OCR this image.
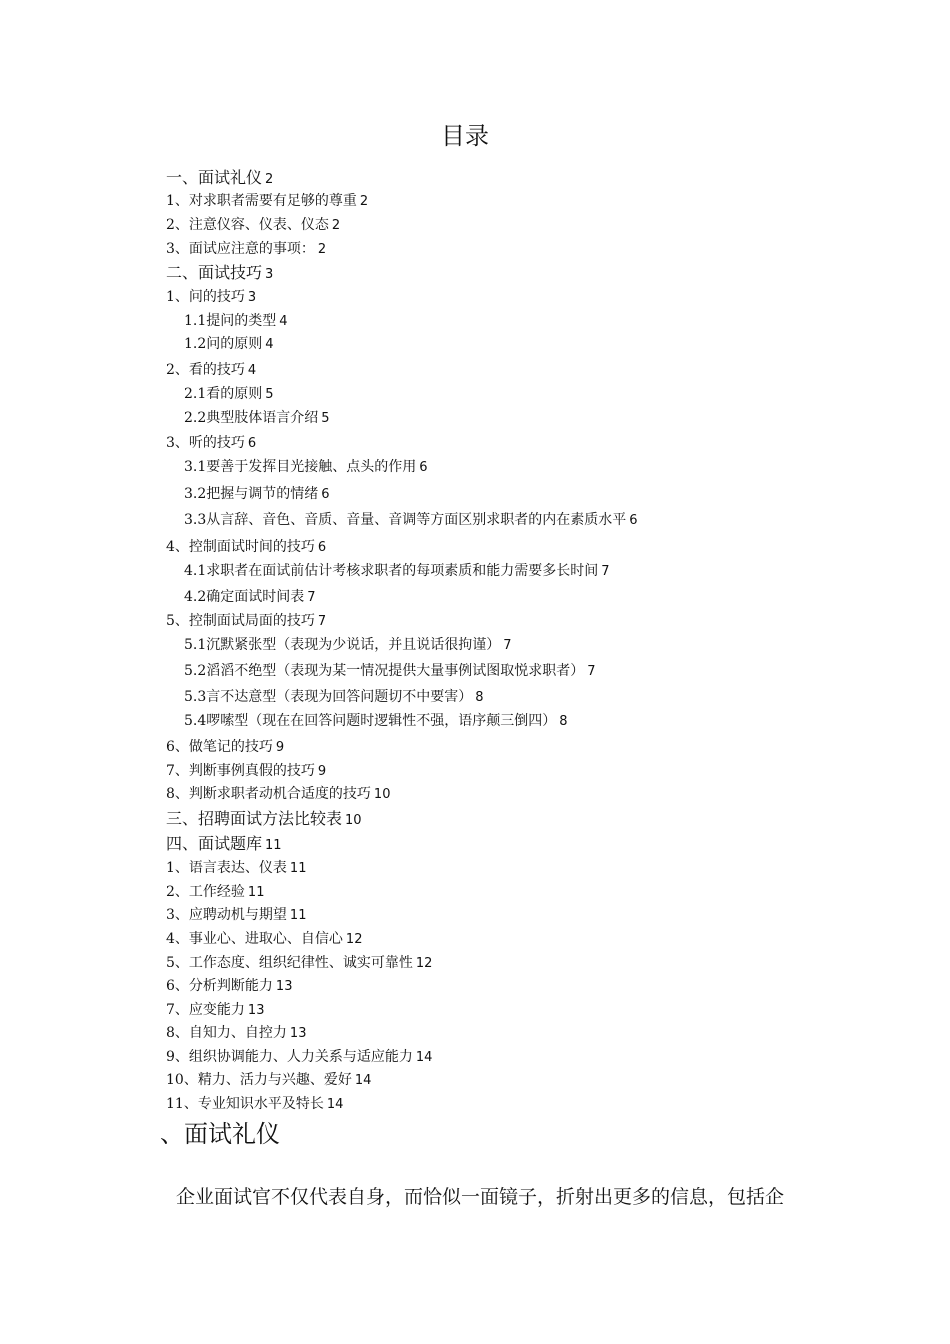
目录
一、面试礼仪 2
1、对求职者需要有足够的尊重 2
2、注意仪容、仪表、仪态 2
3、面试应注意的事项： 2
二、面试技巧 3
1、问的技巧 3
1.1提问的类型 4
1.2问的原则 4
2、看的技巧 4
2.1看的原则 5
2.2典型肢体语言介绍 5
3、听的技巧 6
3.1要善于发挥目光接触、点头的作用 6
3.2把握与调节的情绪 6
3.3从言辞、音色、音质、音量、音调等方面区别求职者的内在素质水平 6
4、控制面试时间的技巧 6
4.1求职者在面试前估计考核求职者的每项素质和能力需要多长时间 7
4.2确定面试时间表 7
5、控制面试局面的技巧 7
5.1沉默紧张型（表现为少说话，并且说话很拘谨） 7
5.2滔滔不绝型（表现为某一情况提供大量事例试图取悦求职者） 7
5.3言不达意型（表现为回答问题切不中要害） 8
5.4啰嗦型（现在在回答问题时逻辑性不强，语序颠三倒四） 8
6、做笔记的技巧 9
7、判断事例真假的技巧 9
8、判断求职者动机合适度的技巧 10
三、招聘面试方法比较表 10
四、面试题库 11
1、语言表达、仪表 11
2、工作经验 11
3、应聘动机与期望 11
4、事业心、进取心、自信心 12
5、工作态度、组织纪律性、诚实可靠性 12
6、分析判断能力 13
7、应变能力 13
8、自知力、自控力 13
9、组织协调能力、人力关系与适应能力 14
10、精力、活力与兴趣、爱好 14
11、专业知识水平及特长 14
、面试礼仪

企业面试官不仅代表自身，而恰似一面镜子，折射出更多的信息，包括企
